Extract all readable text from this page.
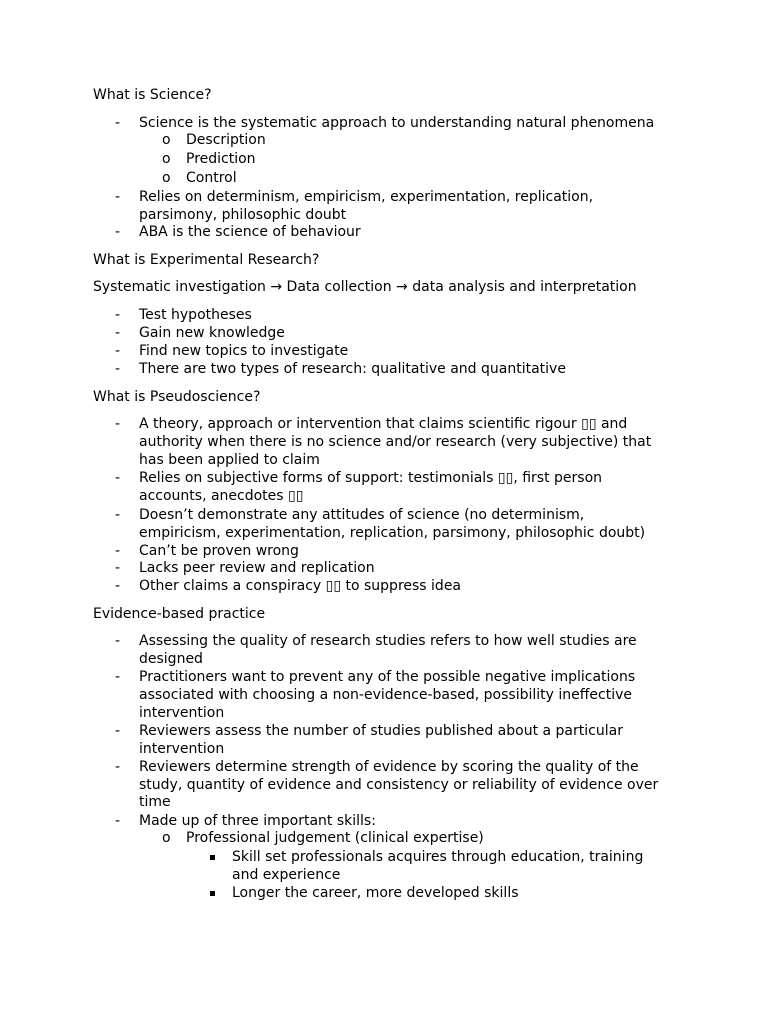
What is Science?
- Science is the systematic approach to understanding natural phenomena
o Description
o Prediction
o Control
- Relies on determinism, empiricism, experimentation, replication,
parsimony, philosophic doubt
- ABA is the science of behaviour
What is Experimental Research?
Systematic investigation → Data collection → data analysis and interpretation
- Test hypotheses
- Gain new knowledge
- Find new topics to investigate
- There are two types of research: qualitative and quantitative
What is Pseudoscience?
- A theory, approach or intervention that claims scientific rigour ▯▯ and
authority when there is no science and/or research (very subjective) that
has been applied to claim
- Relies on subjective forms of support: testimonials ▯▯, first person
accounts, anecdotes ▯▯
- Doesn’t demonstrate any attitudes of science (no determinism,
empiricism, experimentation, replication, parsimony, philosophic doubt)
- Can’t be proven wrong
- Lacks peer review and replication
- Other claims a conspiracy ▯▯ to suppress idea
Evidence-based practice
- Assessing the quality of research studies refers to how well studies are
designed
- Practitioners want to prevent any of the possible negative implications
associated with choosing a non-evidence-based, possibility ineffective
intervention
- Reviewers assess the number of studies published about a particular
intervention
- Reviewers determine strength of evidence by scoring the quality of the
study, quantity of evidence and consistency or reliability of evidence over
time
- Made up of three important skills:
o Professional judgement (clinical expertise)
Skill set professionals acquires through education, training
and experience
Longer the career, more developed skills
